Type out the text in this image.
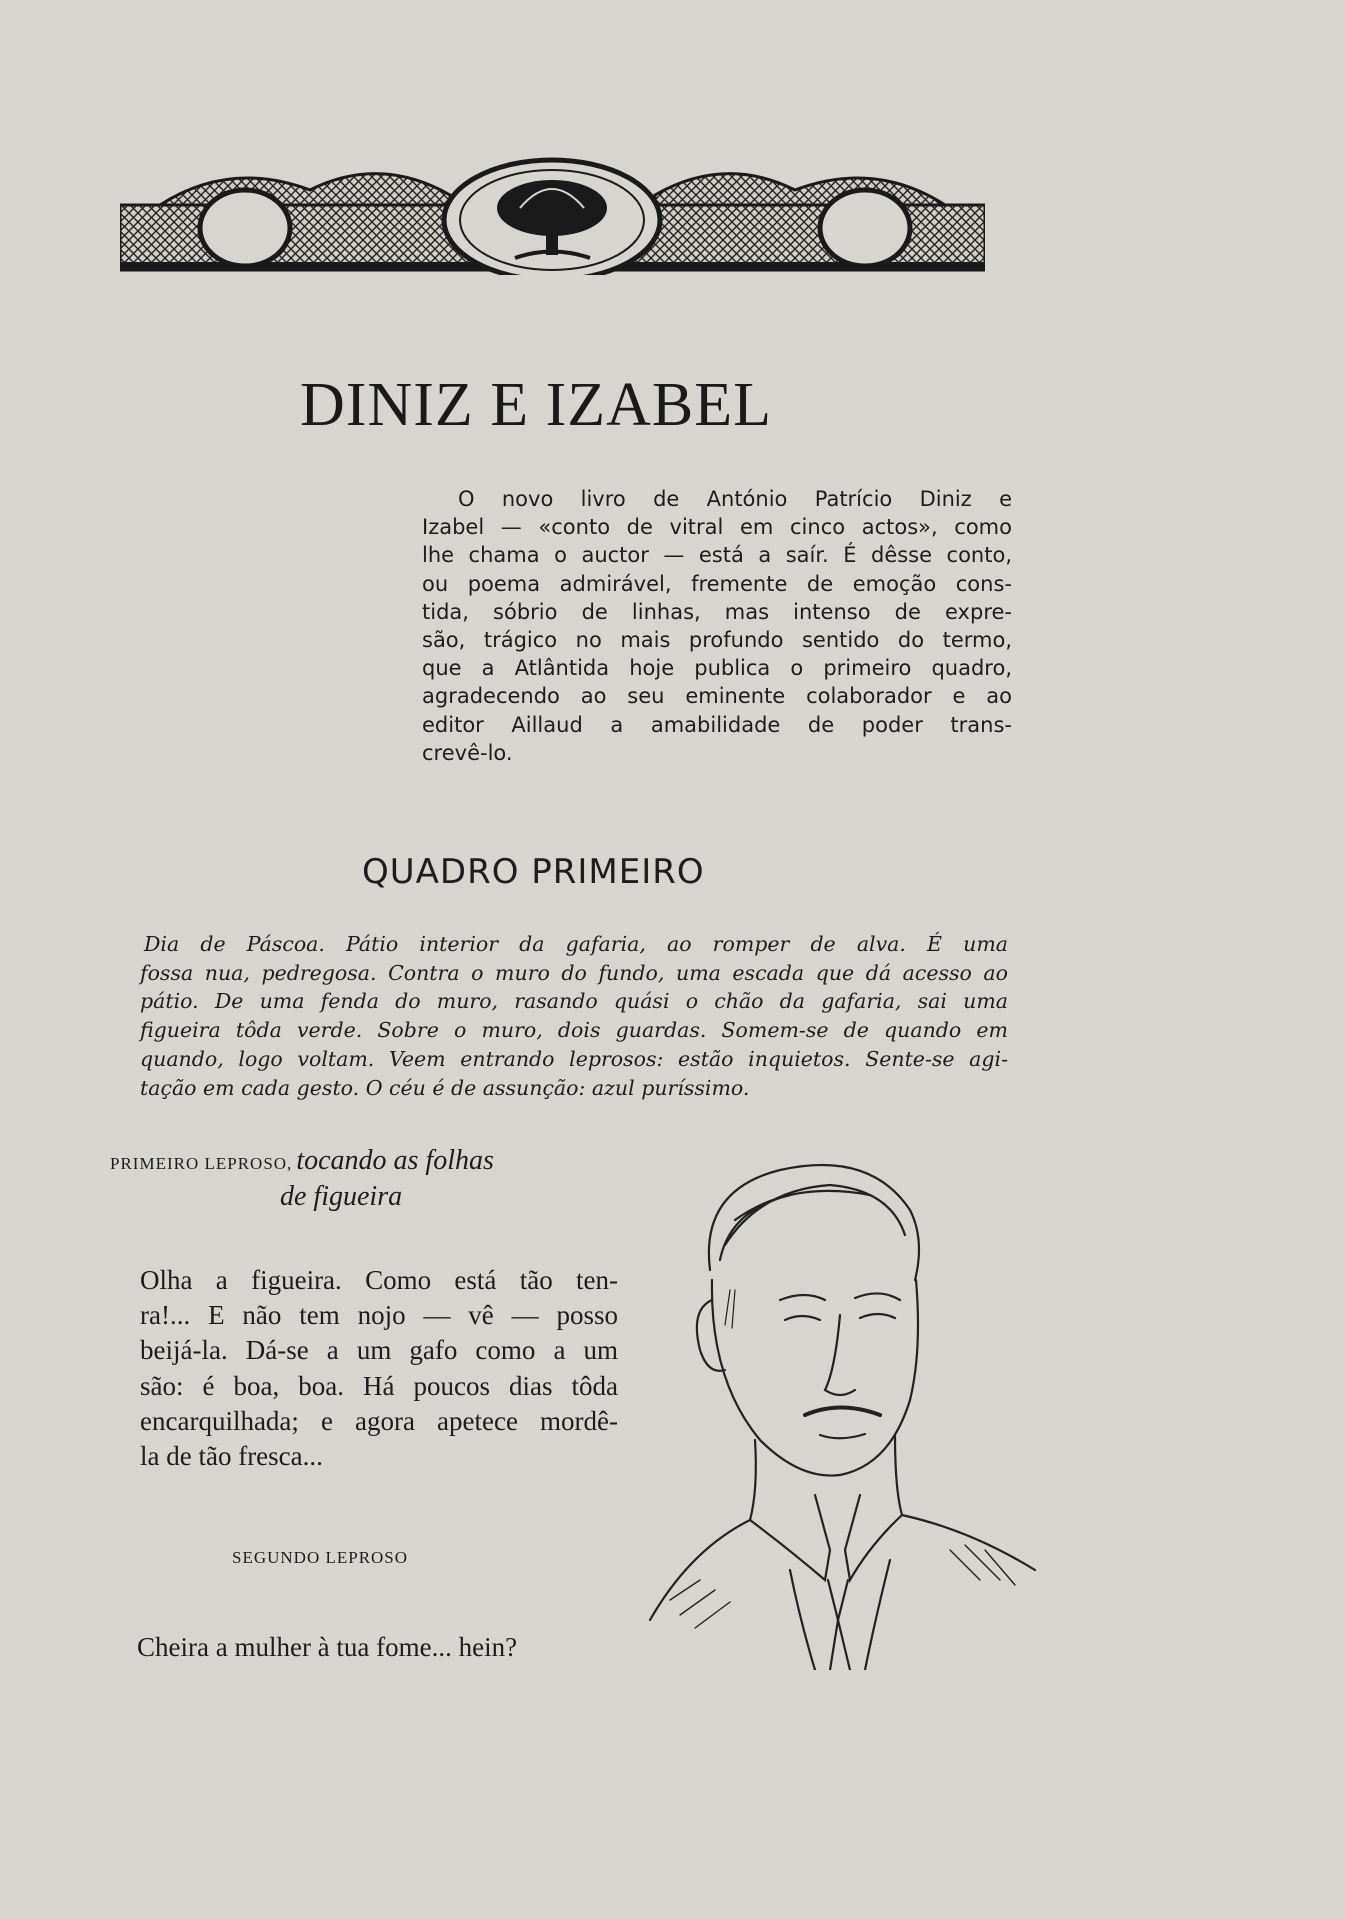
DINIZ E IZABEL
O novo livro de António Patrício Diniz e
Izabel — «conto de vitral em cinco actos», como
lhe chama o auctor — está a saír. É dêsse conto,
ou poema admirável, fremente de emoção cons-
tida, sóbrio de linhas, mas intenso de expre-
são, trágico no mais profundo sentido do termo,
que a Atlântida hoje publica o primeiro quadro,
agradecendo ao seu eminente colaborador e ao
editor Aillaud a amabilidade de poder trans-
crevê-lo.
QUADRO PRIMEIRO
Dia de Páscoa. Pátio interior da gafaria, ao romper de alva. É uma
fossa nua, pedregosa. Contra o muro do fundo, uma escada que dá acesso ao
pátio. De uma fenda do muro, rasando quási o chão da gafaria, sai uma
figueira tôda verde. Sobre o muro, dois guardas. Somem-se de quando em
quando, logo voltam. Veem entrando leprosos: estão inquietos. Sente-se agi-
tação em cada gesto. O céu é de assunção: azul puríssimo.
PRIMEIRO LEPROSO, tocando as folhas
de figueira
Olha a figueira. Como está tão ten-
ra!... E não tem nojo — vê — posso
beijá-la. Dá-se a um gafo como a um
são: é boa, boa. Há poucos dias tôda
encarquilhada; e agora apetece mordê-
la de tão fresca...
SEGUNDO LEPROSO
Cheira a mulher à tua fome... hein?
